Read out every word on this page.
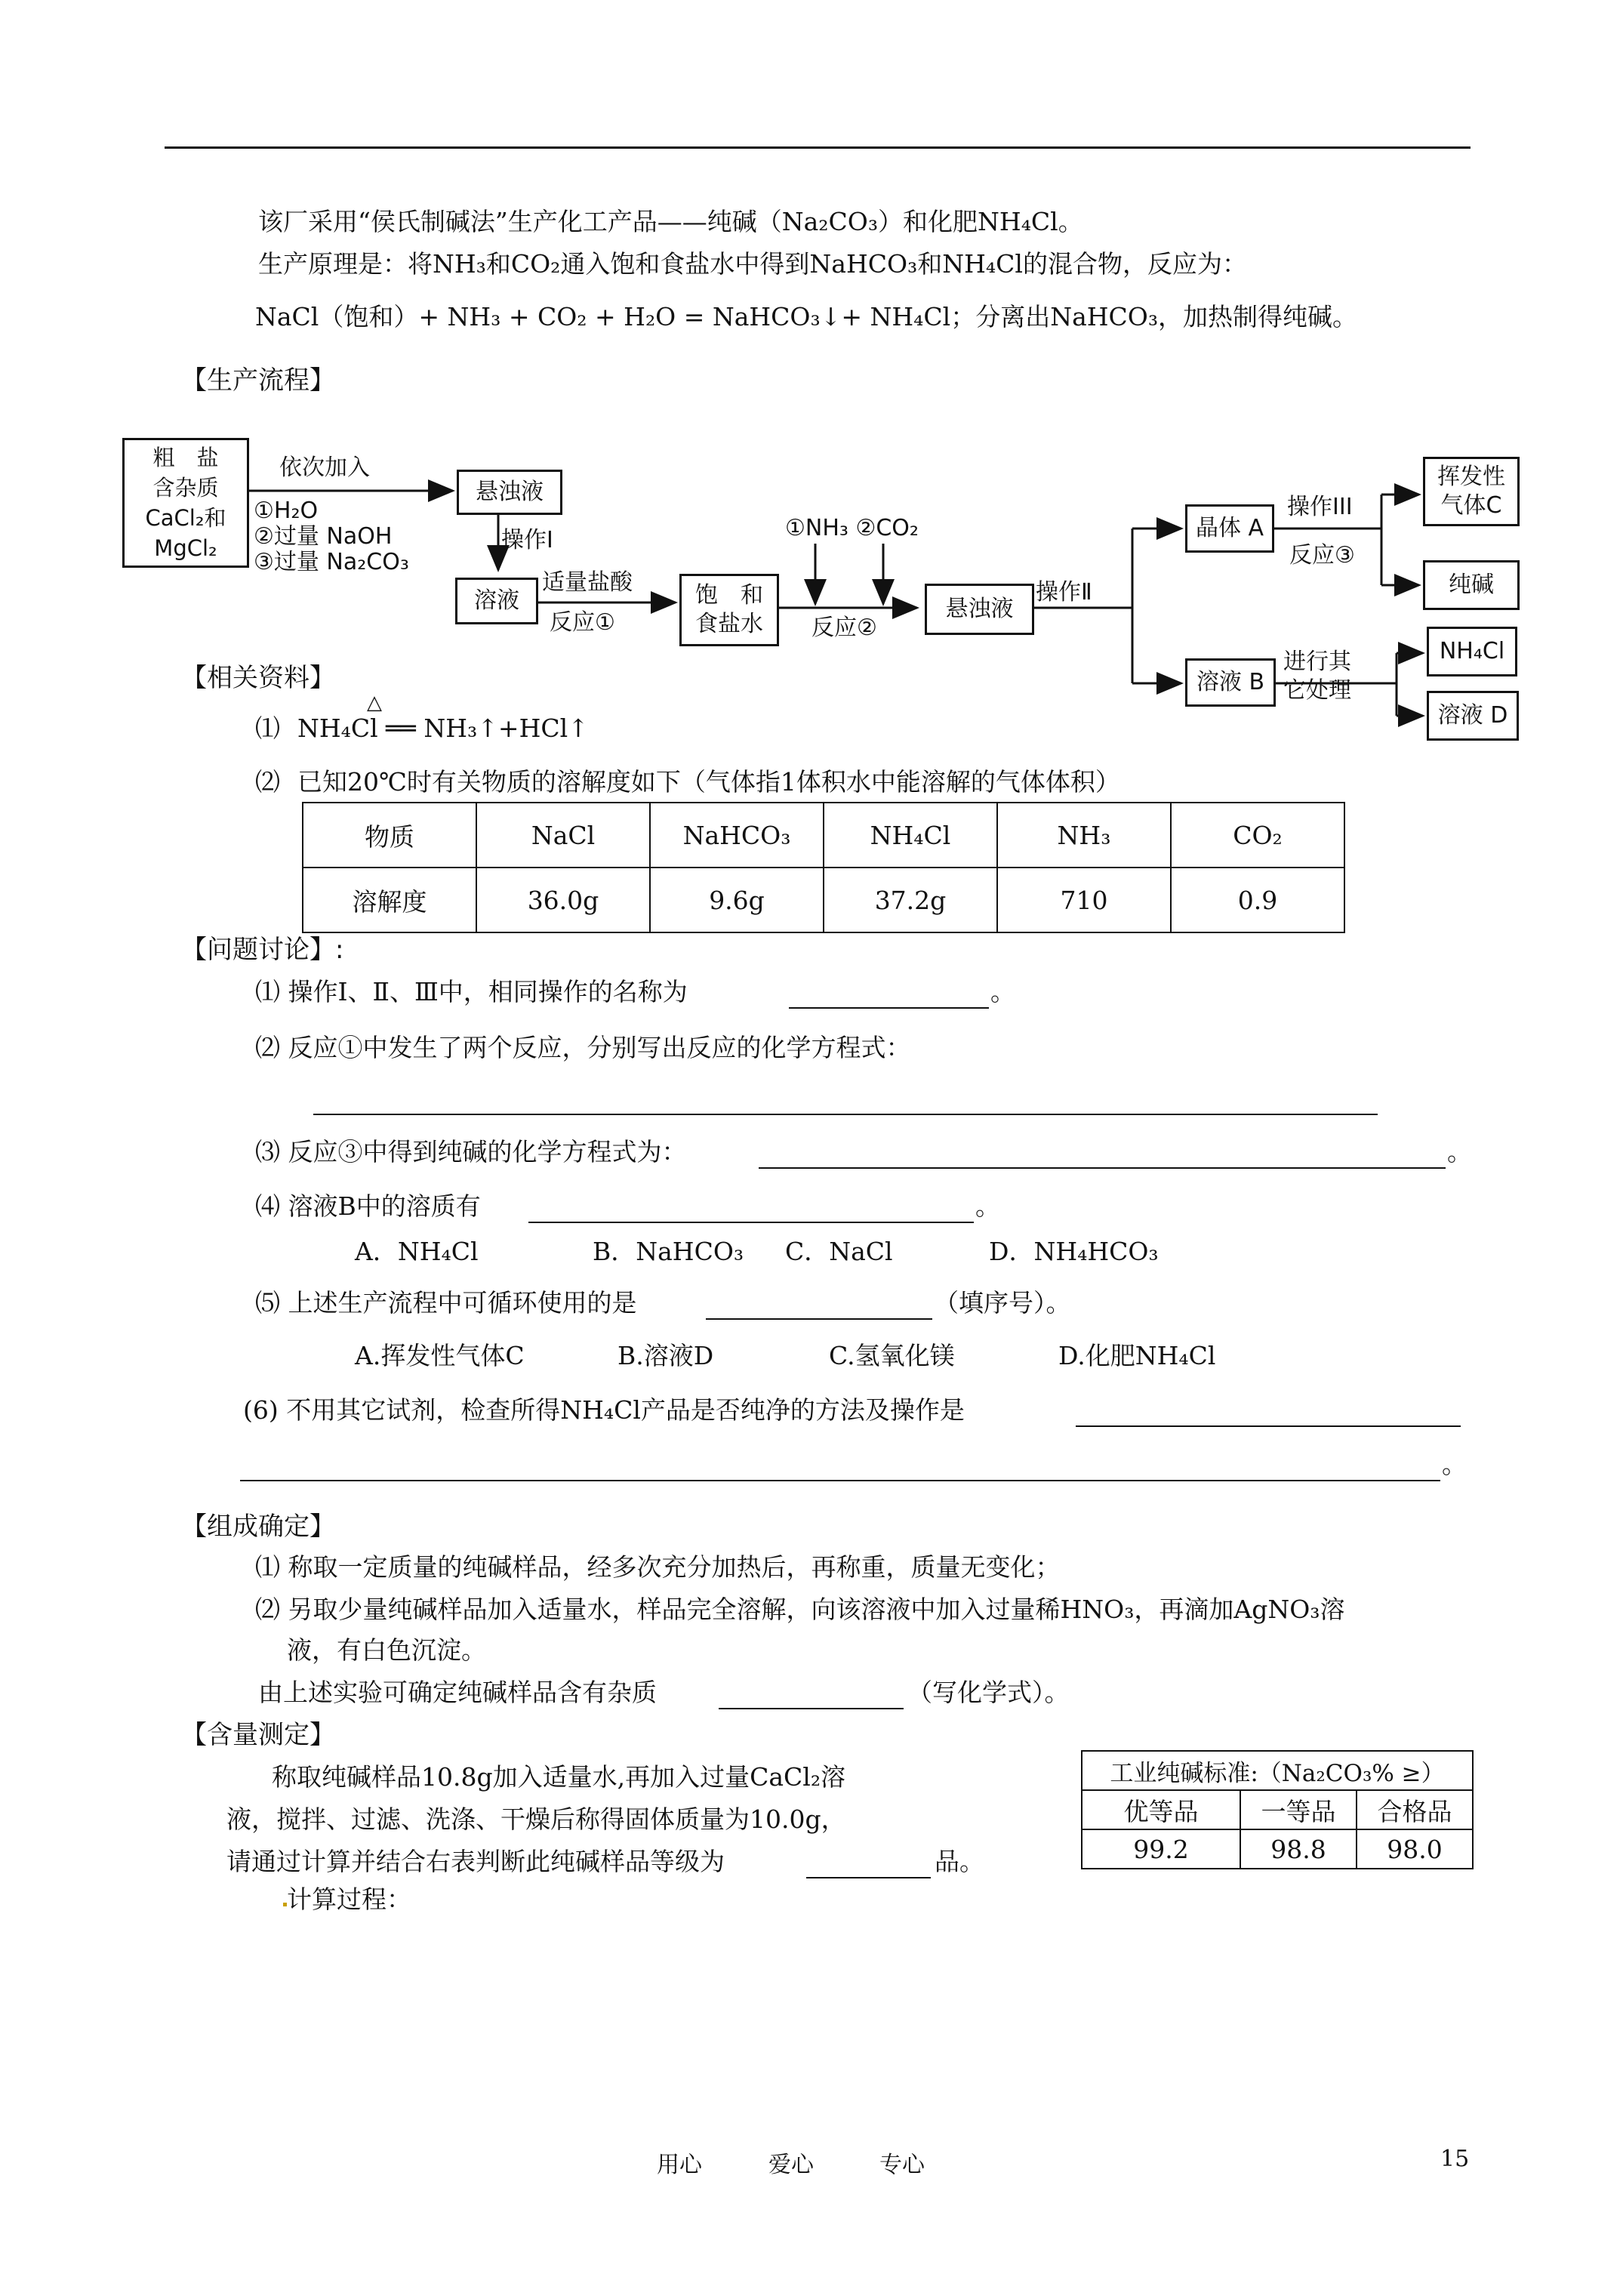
该厂采用“侯氏制碱法”生产化工产品——纯碱（Na₂CO₃）和化肥NH₄Cl。
生产原理是：将NH₃和CO₂通入饱和食盐水中得到NaHCO₃和NH₄Cl的混合物，反应为：
NaCl（饱和）+ NH₃ + CO₂ + H₂O = NaHCO₃↓+ NH₄Cl；分离出NaHCO₃，加热制得纯碱。
【生产流程】
粗　盐
含杂质
CaCl₂和
MgCl₂
依次加入
①H₂O
②过量 NaOH
③过量 Na₂CO₃
悬浊液
操作Ⅰ
溶液
适量盐酸
反应①
饱　和
食盐水
①NH₃ ②CO₂
反应②
悬浊液
操作Ⅱ
晶体 A
操作III
反应③
挥发性
气体C
纯碱
溶液 B
进行其
它处理
NH₄Cl
溶液 D
【相关资料】
△
⑴ NH₄Cl ══ NH₃↑+HCl↑
⑵ 已知20℃时有关物质的溶解度如下（气体指1体积水中能溶解的气体体积）
物质	NaCl	NaHCO₃	NH₄Cl	NH₃	CO₂
溶解度	36.0g	9.6g	37.2g	710	0.9
【问题讨论】:
⑴ 操作Ⅰ、Ⅱ、Ⅲ中，相同操作的名称为	。
⑵ 反应①中发生了两个反应，分别写出反应的化学方程式：
⑶ 反应③中得到纯碱的化学方程式为：	。
⑷ 溶液B中的溶质有	。
A．NH₄Cl	B．NaHCO₃ C．NaCl	D．NH₄HCO₃
⑸ 上述生产流程中可循环使用的是	（填序号）。
A.挥发性气体C	B.溶液D	C.氢氧化镁	D.化肥NH₄Cl
(6) 不用其它试剂，检查所得NH₄Cl产品是否纯净的方法及操作是
。
【组成确定】
⑴ 称取一定质量的纯碱样品，经多次充分加热后，再称重，质量无变化；
⑵ 另取少量纯碱样品加入适量水，样品完全溶解，向该溶液中加入过量稀HNO₃，再滴加AgNO₃溶
液，有白色沉淀。
由上述实验可确定纯碱样品含有杂质	（写化学式）。
【含量测定】
称取纯碱样品10.8g加入适量水,再加入过量CaCl₂溶
液，搅拌、过滤、洗涤、干燥后称得固体质量为10.0g，
请通过计算并结合右表判断此纯碱样品等级为	品。
计算过程：
工业纯碱标准:（Na₂CO₃% ≥）		
优等品	一等品	合格品
99.2	98.8	98.0
用心	爱心	专心	15
